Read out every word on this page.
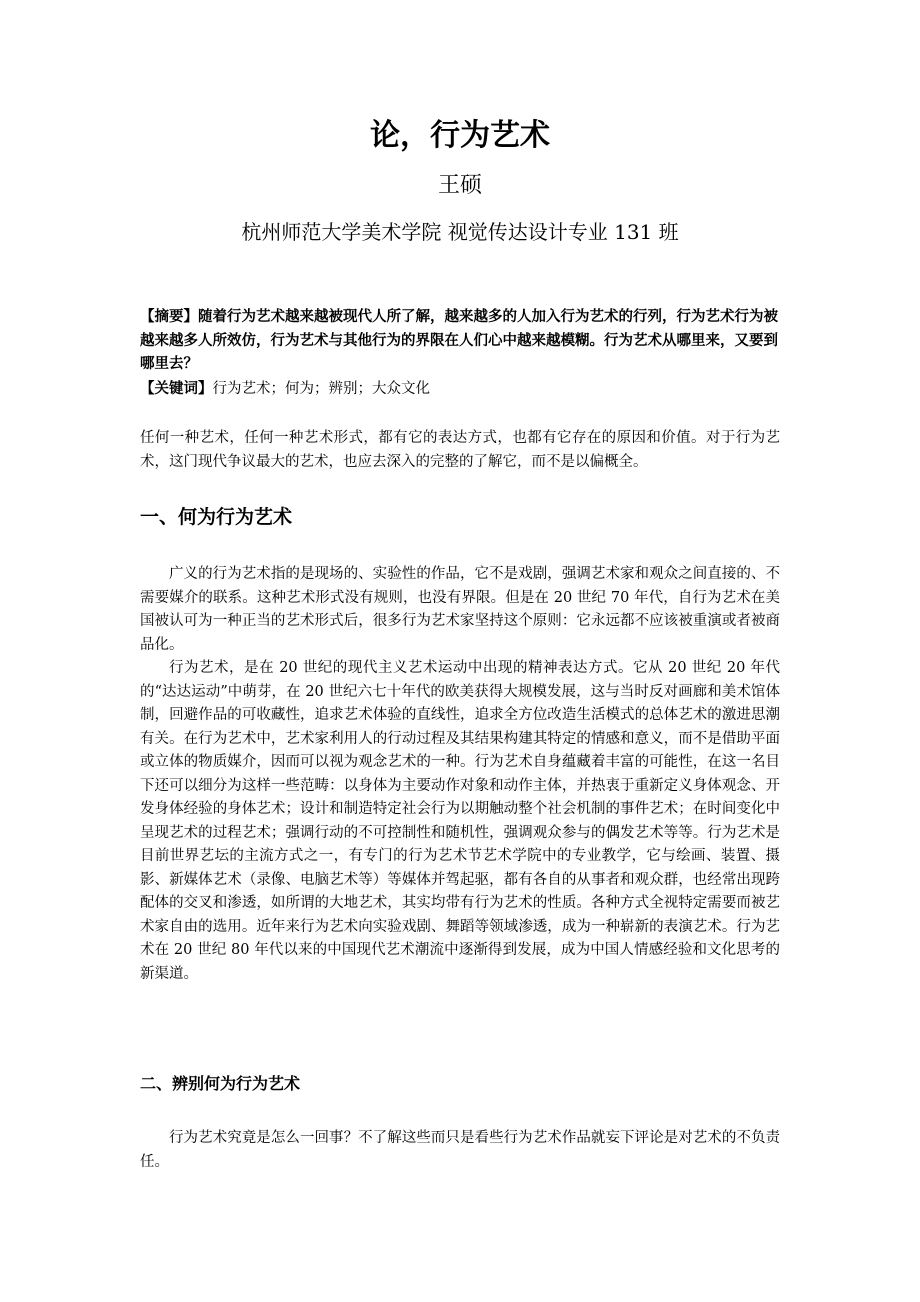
论，行为艺术
王硕
杭州师范大学美术学院 视觉传达设计专业 131 班

【摘要】随着行为艺术越来越被现代人所了解，越来越多的人加入行为艺术的行列，行为艺术行为被越来越多人所效仿，行为艺术与其他行为的界限在人们心中越来越模糊。行为艺术从哪里来，又要到哪里去？

【关键词】行为艺术；何为；辨别；大众文化

任何一种艺术，任何一种艺术形式，都有它的表达方式，也都有它存在的原因和价值。对于行为艺术，这门现代争议最大的艺术，也应去深入的完整的了解它，而不是以偏概全。

一、何为行为艺术

广义的行为艺术指的是现场的、实验性的作品，它不是戏剧，强调艺术家和观众之间直接的、不需要媒介的联系。这种艺术形式没有规则，也没有界限。但是在 20 世纪 70 年代，自行为艺术在美国被认可为一种正当的艺术形式后，很多行为艺术家坚持这个原则：它永远都不应该被重演或者被商品化。

行为艺术，是在 20 世纪的现代主义艺术运动中出现的精神表达方式。它从 20 世纪 20 年代的“达达运动”中萌芽，在 20 世纪六七十年代的欧美获得大规模发展，这与当时反对画廊和美术馆体制，回避作品的可收藏性，追求艺术体验的直线性，追求全方位改造生活模式的总体艺术的激进思潮有关。在行为艺术中，艺术家利用人的行动过程及其结果构建其特定的情感和意义，而不是借助平面或立体的物质媒介，因而可以视为观念艺术的一种。行为艺术自身蕴藏着丰富的可能性，在这一名目下还可以细分为这样一些范畴：以身体为主要动作对象和动作主体，并热衷于重新定义身体观念、开发身体经验的身体艺术；设计和制造特定社会行为以期触动整个社会机制的事件艺术；在时间变化中呈现艺术的过程艺术；强调行动的不可控制性和随机性，强调观众参与的偶发艺术等等。行为艺术是目前世界艺坛的主流方式之一，有专门的行为艺术节艺术学院中的专业教学，它与绘画、装置、摄影、新媒体艺术（录像、电脑艺术等）等媒体并驾起驱，都有各自的从事者和观众群，也经常出现跨配体的交叉和渗透，如所谓的大地艺术，其实均带有行为艺术的性质。各种方式全视特定需要而被艺术家自由的选用。近年来行为艺术向实验戏剧、舞蹈等领域渗透，成为一种崭新的表演艺术。行为艺术在 20 世纪 80 年代以来的中国现代艺术潮流中逐渐得到发展，成为中国人情感经验和文化思考的新渠道。

二、辨别何为行为艺术

行为艺术究竟是怎么一回事？不了解这些而只是看些行为艺术作品就妄下评论是对艺术的不负责任。
